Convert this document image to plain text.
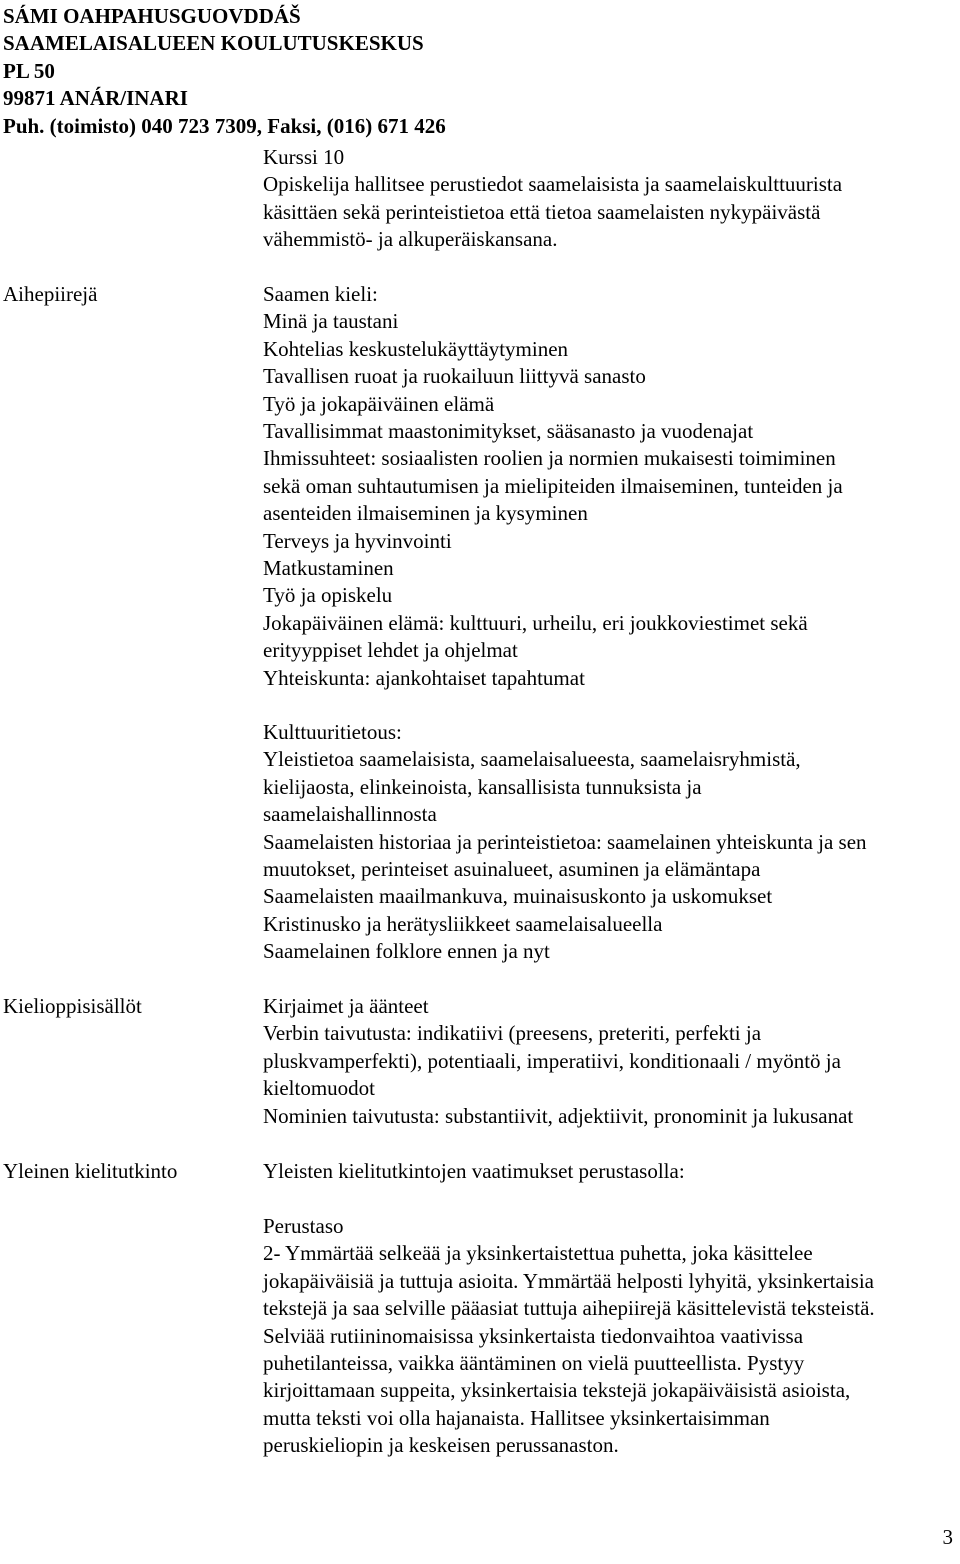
SÁMI OAHPAHUSGUOVDDÁŠ

SAAMELAISALUEEN KOULUTUSKESKUS

PL 50

99871 ANÁR/INARI

Puh. (toimisto) 040 723 7309, Faksi, (016) 671 426

Kurssi 10

Opiskelija hallitsee perustiedot saamelaisista ja saamelaiskulttuurista

käsittäen sekä perinteistietoa että tietoa saamelaisten nykypäivästä

vähemmistö- ja alkuperäiskansana.

Aihepiirejä	Saamen kieli:

Minä ja taustani

Kohtelias keskustelukäyttäytyminen

Tavallisen ruoat ja ruokailuun liittyvä sanasto

Työ ja jokapäiväinen elämä

Tavallisimmat maastonimitykset, sääsanasto ja vuodenajat

Ihmissuhteet: sosiaalisten roolien ja normien mukaisesti toimiminen

sekä oman suhtautumisen ja mielipiteiden ilmaiseminen, tunteiden ja

asenteiden ilmaiseminen ja kysyminen

Terveys ja hyvinvointi

Matkustaminen

Työ ja opiskelu

Jokapäiväinen elämä: kulttuuri, urheilu, eri joukkoviestimet sekä

erityyppiset lehdet ja ohjelmat

Yhteiskunta: ajankohtaiset tapahtumat

Kulttuuritietous:

Yleistietoa saamelaisista, saamelaisalueesta, saamelaisryhmistä,

kielijaosta, elinkeinoista, kansallisista tunnuksista ja

saamelaishallinnosta

Saamelaisten historiaa ja perinteistietoa: saamelainen yhteiskunta ja sen

muutokset, perinteiset asuinalueet, asuminen ja elämäntapa

Saamelaisten maailmankuva, muinaisuskonto ja uskomukset

Kristinusko ja herätysliikkeet saamelaisalueella

Saamelainen folklore ennen ja nyt

Kielioppisisällöt	Kirjaimet ja äänteet

Verbin taivutusta: indikatiivi (preesens, preteriti, perfekti ja

pluskvamperfekti), potentiaali, imperatiivi, konditionaali / myöntö ja

kieltomuodot

Nominien taivutusta: substantiivit, adjektiivit, pronominit ja lukusanat

Yleinen kielitutkinto	Yleisten kielitutkintojen vaatimukset perustasolla:

Perustaso

2- Ymmärtää selkeää ja yksinkertaistettua puhetta, joka käsittelee

jokapäiväisiä ja tuttuja asioita. Ymmärtää helposti lyhyitä, yksinkertaisia

tekstejä ja saa selville pääasiat tuttuja aihepiirejä käsittelevistä teksteistä.

Selviää rutiininomaisissa yksinkertaista tiedonvaihtoa vaativissa

puhetilanteissa, vaikka ääntäminen on vielä puutteellista. Pystyy

kirjoittamaan suppeita, yksinkertaisia tekstejä jokapäiväisistä asioista,

mutta teksti voi olla hajanaista. Hallitsee yksinkertaisimman

peruskieliopin ja keskeisen perussanaston.

3
